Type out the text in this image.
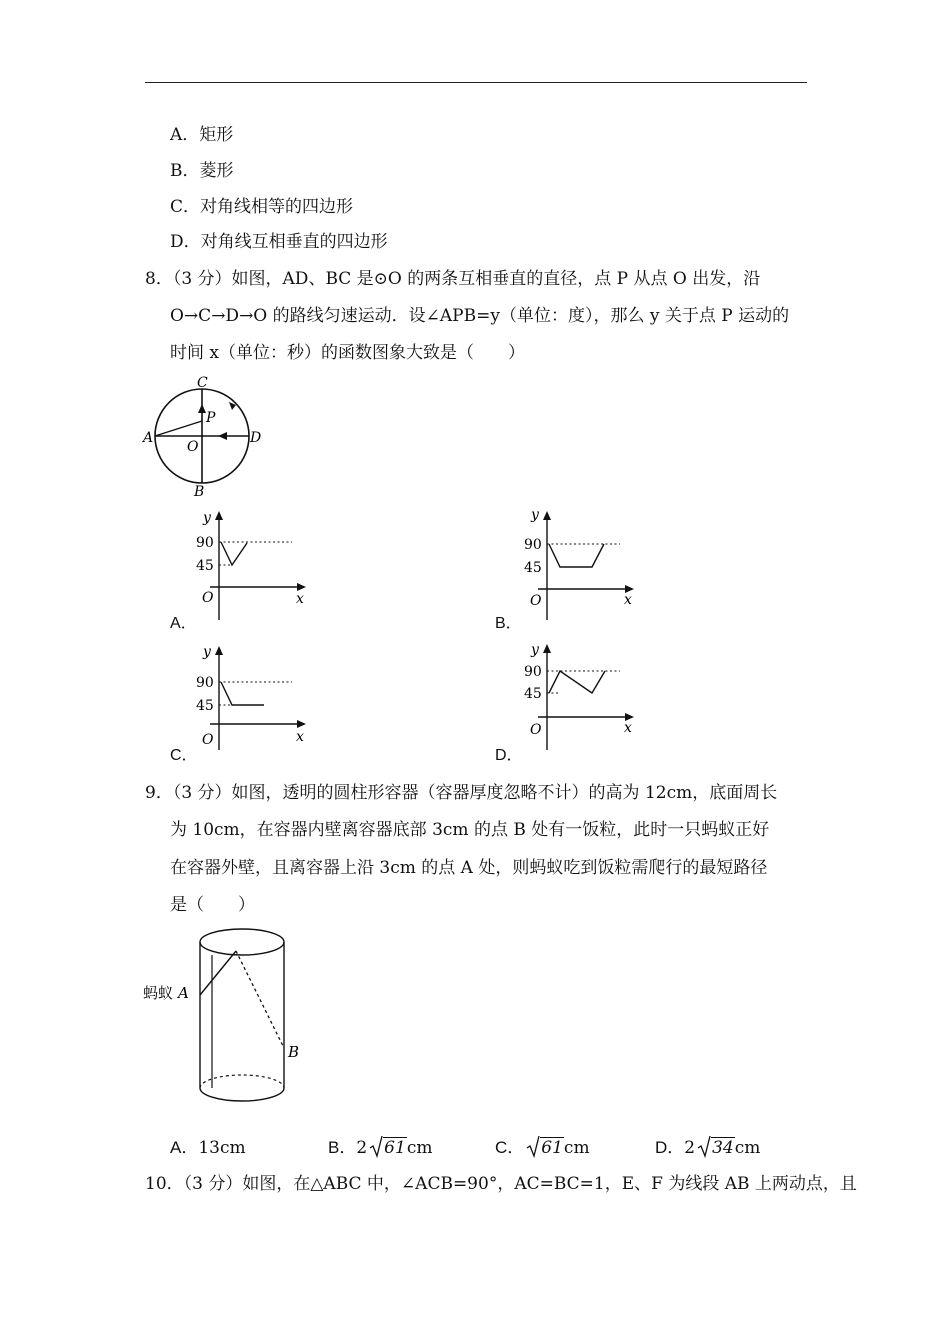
A．矩形
B．菱形
C．对角线相等的四边形
D．对角线互相垂直的四边形
8．（3 分）如图，AD、BC 是⊙O 的两条互相垂直的直径，点 P 从点 O 出发，沿
O→C→D→O 的路线匀速运动．设∠APB=y（单位：度），那么 y 关于点 P 运动的
时间 x（单位：秒）的函数图象大致是（　　）
C
P
A
O
D
B
y
90
45
O	x
A．
y
90
45
O	x
B．
y
90
45
O	x
C．
y
90
45
O	x
D．
9．（3 分）如图，透明的圆柱形容器（容器厚度忽略不计）的高为 12cm，底面周长
为 10cm，在容器内壁离容器底部 3cm 的点 B 处有一饭粒，此时一只蚂蚁正好
在容器外壁，且离容器上沿 3cm 的点 A 处，则蚂蚁吃到饭粒需爬行的最短路径
是（　　）
蚂蚁 A
B
A．13cm	B．2 61cm	C． 61cm	D．2 34cm
10．（3 分）如图，在△ABC 中，∠ACB=90°，AC=BC=1，E、F 为线段 AB 上两动点，且
